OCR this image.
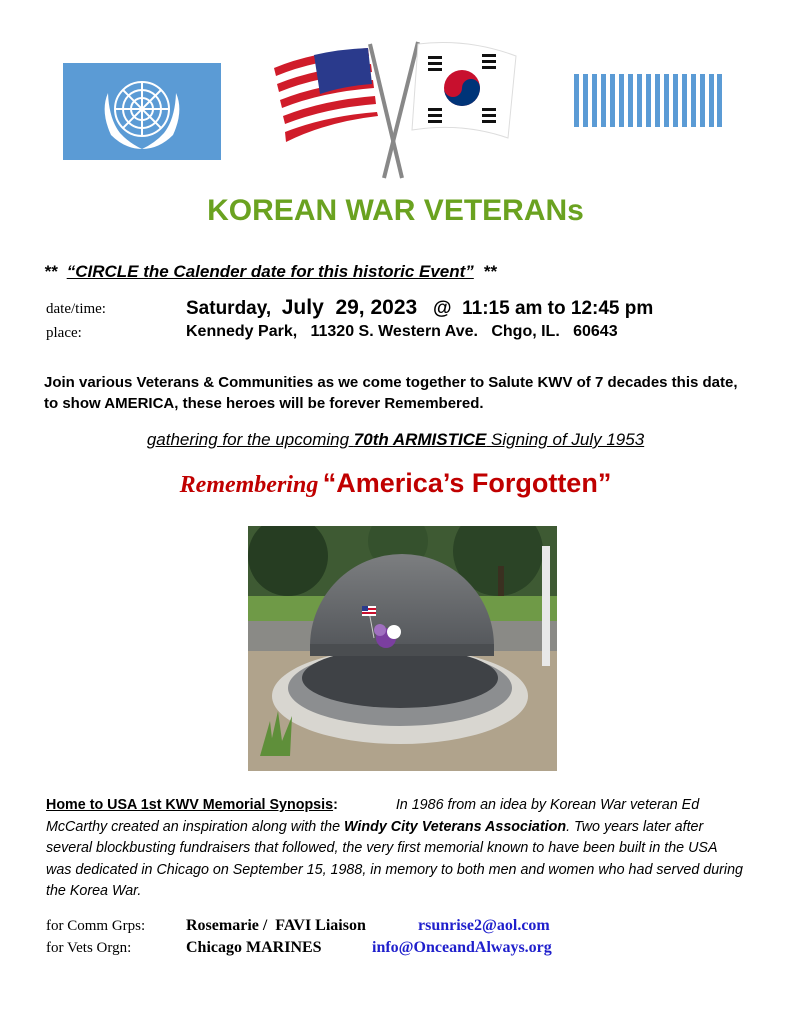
KOREAN WAR VETERANs
**  “CIRCLE the Calender date for this historic Event”  **
date/time:	Saturday, July  29, 2023 @  11:15 am to 12:45 pm
place:	Kennedy Park,   11320 S. Western Ave.   Chgo, IL.   60643
Join various Veterans & Communities as we come together to Salute KWV of 7 decades this date, to show AMERICA, these heroes will be forever Remembered.
gathering for the upcoming 70th ARMISTICE Signing of July 1953
Remembering “America’s Forgotten”
Home to USA 1st KWV Memorial Synopsis:	In 1986 from an idea by Korean War veteran Ed McCarthy created an inspiration along with the Windy City Veterans Association. Two years later after several blockbusting fundraisers that followed, the very first memorial known to have been built in the USA was dedicated in Chicago on September 15, 1988, in memory to both men and women who had served during the Korea War.
for Comm Grps:	Rosemarie /  FAVI Liaison	rsunrise2@aol.com
for Vets Orgn:	Chicago MARINES	info@OnceandAlways.org
